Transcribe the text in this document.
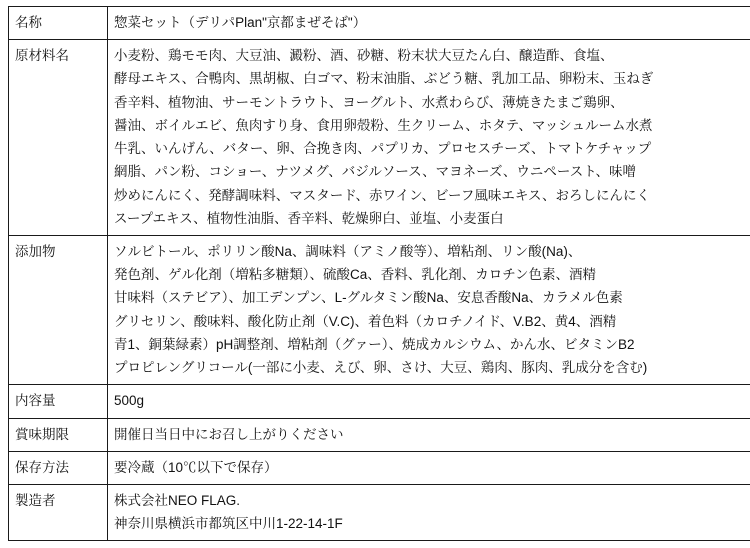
名称	惣菜セット（デリパPlan"京都まぜそば"）

原材料名	小麦粉、鶏モモ肉、大豆油、澱粉、酒、砂糖、粉末状大豆たん白、醸造酢、食塩、
酵母エキス、合鴨肉、黒胡椒、白ゴマ、粉末油脂、ぶどう糖、乳加工品、卵粉末、玉ねぎ
香辛料、植物油、サーモントラウト、ヨーグルト、水煮わらび、薄焼きたまご鶏卵、
醤油、ボイルエビ、魚肉すり身、食用卵殻粉、生クリーム、ホタテ、マッシュルーム水煮
牛乳、いんげん、バター、卵、合挽き肉、パプリカ、プロセスチーズ、トマトケチャップ
網脂、パン粉、コショー、ナツメグ、バジルソース、マヨネーズ、ウニペースト、味噌
炒めにんにく、発酵調味料、マスタード、赤ワイン、ビーフ風味エキス、おろしにんにく
スープエキス、植物性油脂、香辛料、乾燥卵白、並塩、小麦蛋白

添加物	ソルビトール、ポリリン酸Na、調味料（アミノ酸等）、増粘剤、リン酸(Na)、
発色剤、ゲル化剤（増粘多糖類）、硫酸Ca、香料、乳化剤、カロチン色素、酒精
甘味料（ステビア）、加工デンプン、L-グルタミン酸Na、安息香酸Na、カラメル色素
グリセリン、酸味料、酸化防止剤（V.C)、着色料（カロチノイド、V.B2、黄4、酒精
青1、銅葉緑素）pH調整剤、増粘剤（グァー）、焼成カルシウム、かん水、ビタミンB2
プロピレングリコール(一部に小麦、えび、卵、さけ、大豆、鶏肉、豚肉、乳成分を含む)

内容量	500g

賞味期限	開催日当日中にお召し上がりください

保存方法	要冷蔵（10℃以下で保存）

製造者	株式会社NEO FLAG.
神奈川県横浜市都筑区中川1-22-14-1F
